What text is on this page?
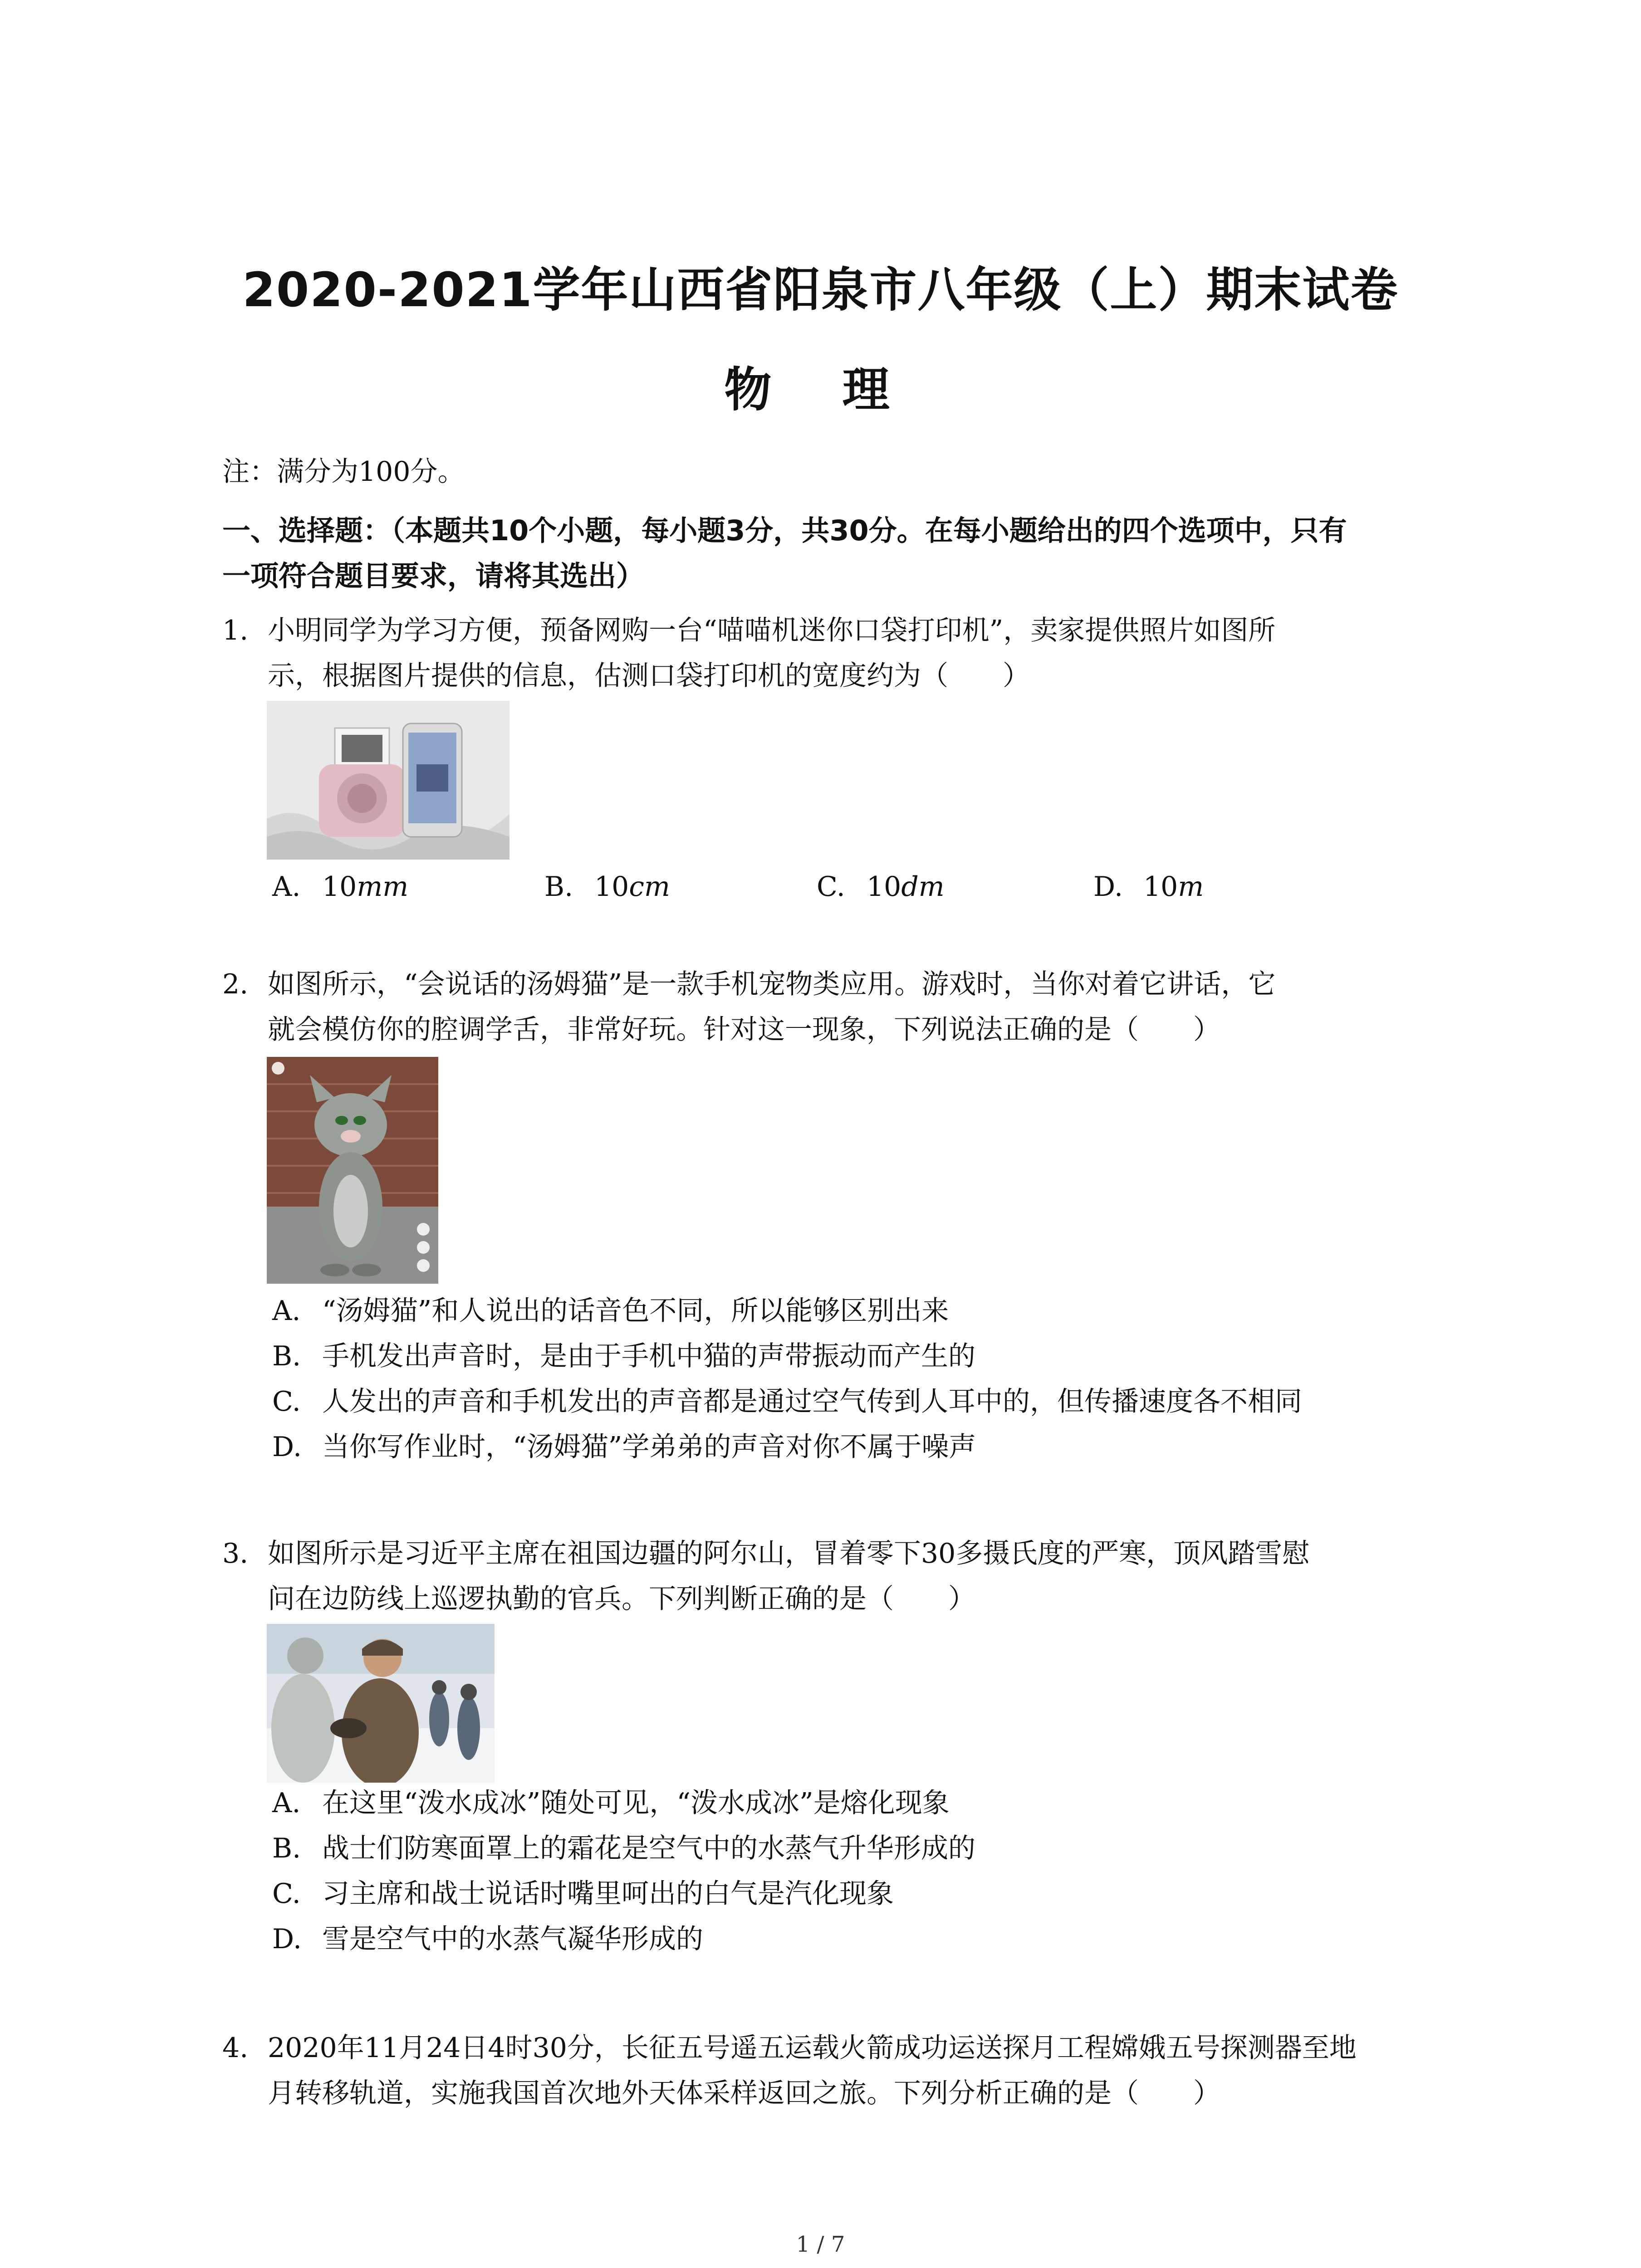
2020-2021学年山西省阳泉市八年级（上）期末试卷
物 理
注：满分为100分。
一、选择题：（本题共10个小题，每小题3分，共30分。在每小题给出的四个选项中，只有
一项符合题目要求，请将其选出）
1. 小明同学为学习方便，预备网购一台“喵喵机迷你口袋打印机”，卖家提供照片如图所
示，根据图片提供的信息，估测口袋打印机的宽度约为（　　）
A. 10mm	B. 10cm	C. 10dm	D. 10m
2. 如图所示，“会说话的汤姆猫”是一款手机宠物类应用。游戏时，当你对着它讲话，它
就会模仿你的腔调学舌，非常好玩。针对这一现象，下列说法正确的是（　　）
A. “汤姆猫”和人说出的话音色不同，所以能够区别出来
B. 手机发出声音时，是由于手机中猫的声带振动而产生的
C. 人发出的声音和手机发出的声音都是通过空气传到人耳中的，但传播速度各不相同
D. 当你写作业时，“汤姆猫”学弟弟的声音对你不属于噪声
3. 如图所示是习近平主席在祖国边疆的阿尔山，冒着零下30多摄氏度的严寒，顶风踏雪慰
问在边防线上巡逻执勤的官兵。下列判断正确的是（　　）
A. 在这里“泼水成冰”随处可见，“泼水成冰”是熔化现象
B. 战士们防寒面罩上的霜花是空气中的水蒸气升华形成的
C. 习主席和战士说话时嘴里呵出的白气是汽化现象
D. 雪是空气中的水蒸气凝华形成的
4. 2020年11月24日4时30分，长征五号遥五运载火箭成功运送探月工程嫦娥五号探测器至地
月转移轨道，实施我国首次地外天体采样返回之旅。下列分析正确的是（　　）
1 / 7
